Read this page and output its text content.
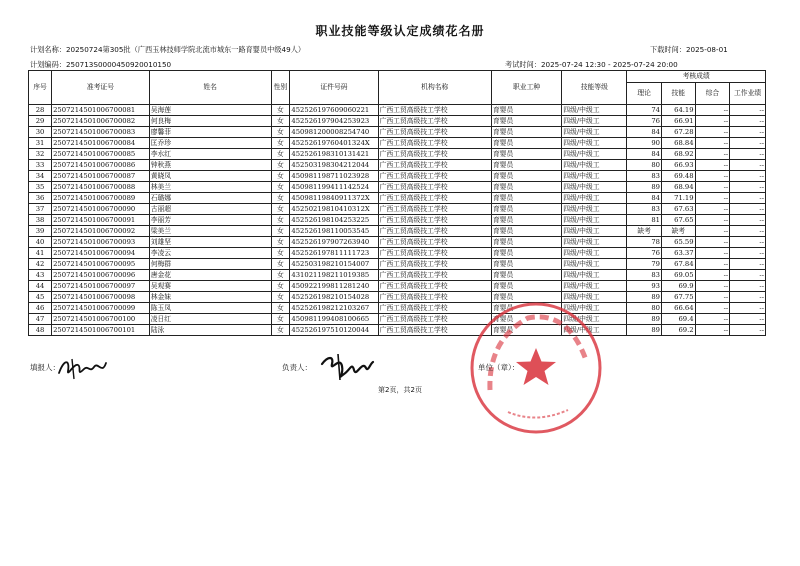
职业技能等级认定成绩花名册
计划名称：20250724第305批（广西玉林技师学院北流市城东一路育婴员中级49人）	下载时间：2025-08-01
计划编码：250713S0000450920010150	考试时间：2025-07-24 12:30 - 2025-07-24 20:00
序号	准考证号	姓名	性别	证件号码	机构名称	职业工种	技能等级	考核成绩			
								理论	技能	综合	工作业绩
28	2507214501006700081	吴海莲	女	452526197609060221	广西工贸高级技工学校	育婴员	四级/中级工	74	64.19	--	--
29	2507214501006700082	何良梅	女	452526197904253923	广西工贸高级技工学校	育婴员	四级/中级工	76	66.91	--	--
30	2507214501006700083	廖馨菲	女	450981200008254740	广西工贸高级技工学校	育婴员	四级/中级工	84	67.28	--	--
31	2507214501006700084	匡乔珍	女	45252619760401324X	广西工贸高级技工学校	育婴员	四级/中级工	90	68.84	--	--
32	2507214501006700085	李水红	女	452526198310131421	广西工贸高级技工学校	育婴员	四级/中级工	84	68.92	--	--
33	2507214501006700086	钟秋燕	女	452503198304212044	广西工贸高级技工学校	育婴员	四级/中级工	80	66.93	--	--
34	2507214501006700087	黄晓凤	女	450981198711023928	广西工贸高级技工学校	育婴员	四级/中级工	83	69.48	--	--
35	2507214501006700088	林美兰	女	450981199411142524	广西工贸高级技工学校	育婴员	四级/中级工	89	68.94	--	--
36	2507214501006700089	石璐娜	女	45098119840911372X	广西工贸高级技工学校	育婴员	四级/中级工	84	71.19	--	--
37	2507214501006700090	古丽超	女	45250219810410312X	广西工贸高级技工学校	育婴员	四级/中级工	83	67.63	--	--
38	2507214501006700091	李丽芳	女	452526198104253225	广西工贸高级技工学校	育婴员	四级/中级工	81	67.65	--	--
39	2507214501006700092	梁美兰	女	452526198110053545	广西工贸高级技工学校	育婴员	四级/中级工	缺考	缺考	--	--
40	2507214501006700093	刘雄坚	女	452526197907263940	广西工贸高级技工学校	育婴员	四级/中级工	78	65.59	--	--
41	2507214501006700094	李凌云	女	452526197811111723	广西工贸高级技工学校	育婴员	四级/中级工	76	63.37	--	--
42	2507214501006700095	何梅群	女	452503198210154007	广西工贸高级技工学校	育婴员	四级/中级工	79	67.84	--	--
43	2507214501006700096	唐金花	女	431021198211019385	广西工贸高级技工学校	育婴员	四级/中级工	83	69.05	--	--
44	2507214501006700097	吴观赛	女	450922199811281240	广西工贸高级技工学校	育婴员	四级/中级工	93	69.9	--	--
45	2507214501006700098	林金妹	女	452526198210154028	广西工贸高级技工学校	育婴员	四级/中级工	89	67.75	--	--
46	2507214501006700099	陈玉凤	女	452526198212103267	广西工贸高级技工学校	育婴员	四级/中级工	80	66.64	--	--
47	2507214501006700100	凌日红	女	450981199408100665	广西工贸高级技工学校	育婴员	四级/中级工	89	69.4	--	--
48	2507214501006700101	陆泳	女	452526197510120044	广西工贸高级技工学校	育婴员	四级/中级工	89	69.2	--	--
填报人：	负责人：	单位（章）：
第2页，共2页
